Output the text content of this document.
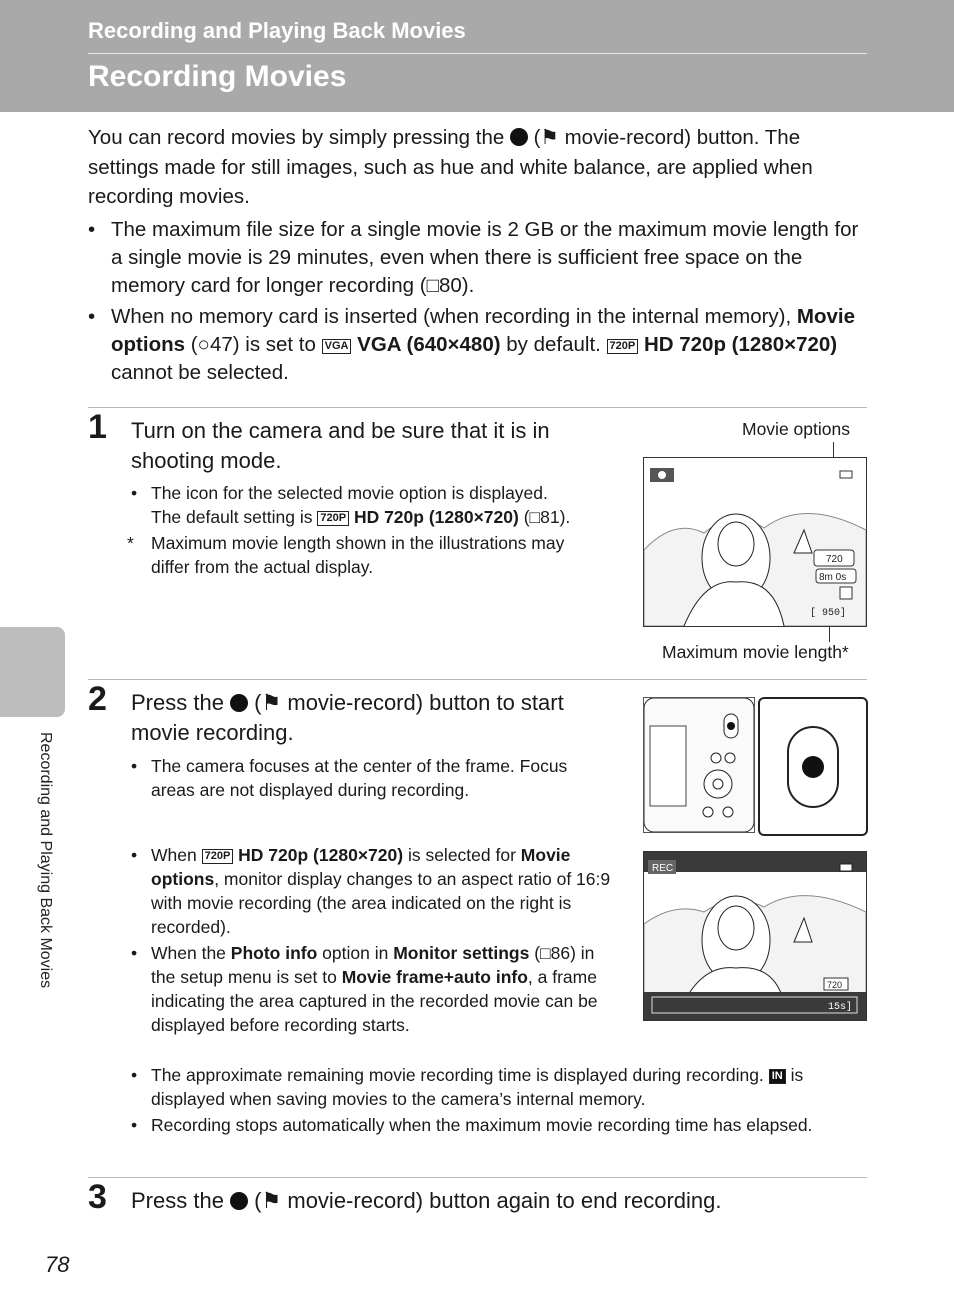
Recording and Playing Back Movies
Recording Movies
You can record movies by simply pressing the  (⚑ movie-record) button. The settings made for still images, such as hue and white balance, are applied when recording movies.
• The maximum file size for a single movie is 2 GB or the maximum movie length for a single movie is 29 minutes, even when there is sufficient free space on the memory card for longer recording (□80).
• When no memory card is inserted (when recording in the internal memory), Movie options (○47) is set to VGA VGA (640×480) by default. 720P HD 720p (1280×720) cannot be selected.
1 Turn on the camera and be sure that it is in shooting mode.
• The icon for the selected movie option is displayed. The default setting is 720P HD 720p (1280×720) (□81).
* Maximum movie length shown in the illustrations may differ from the actual display.
Movie options
720
8m 0s
[ 950]
Maximum movie length*
2 Press the  (⚑ movie-record) button to start movie recording.
• The camera focuses at the center of the frame. Focus areas are not displayed during recording.
• When 720P HD 720p (1280×720) is selected for Movie options, monitor display changes to an aspect ratio of 16:9 with movie recording (the area indicated on the right is recorded).
• When the Photo info option in Monitor settings (□86) in the setup menu is set to Movie frame+auto info, a frame indicating the area captured in the recorded movie can be displayed before recording starts.
REC
720
15s]
• The approximate remaining movie recording time is displayed during recording. IN is displayed when saving movies to the camera’s internal memory.
• Recording stops automatically when the maximum movie recording time has elapsed.
3 Press the  (⚑ movie-record) button again to end recording.
Recording and Playing Back Movies
78
